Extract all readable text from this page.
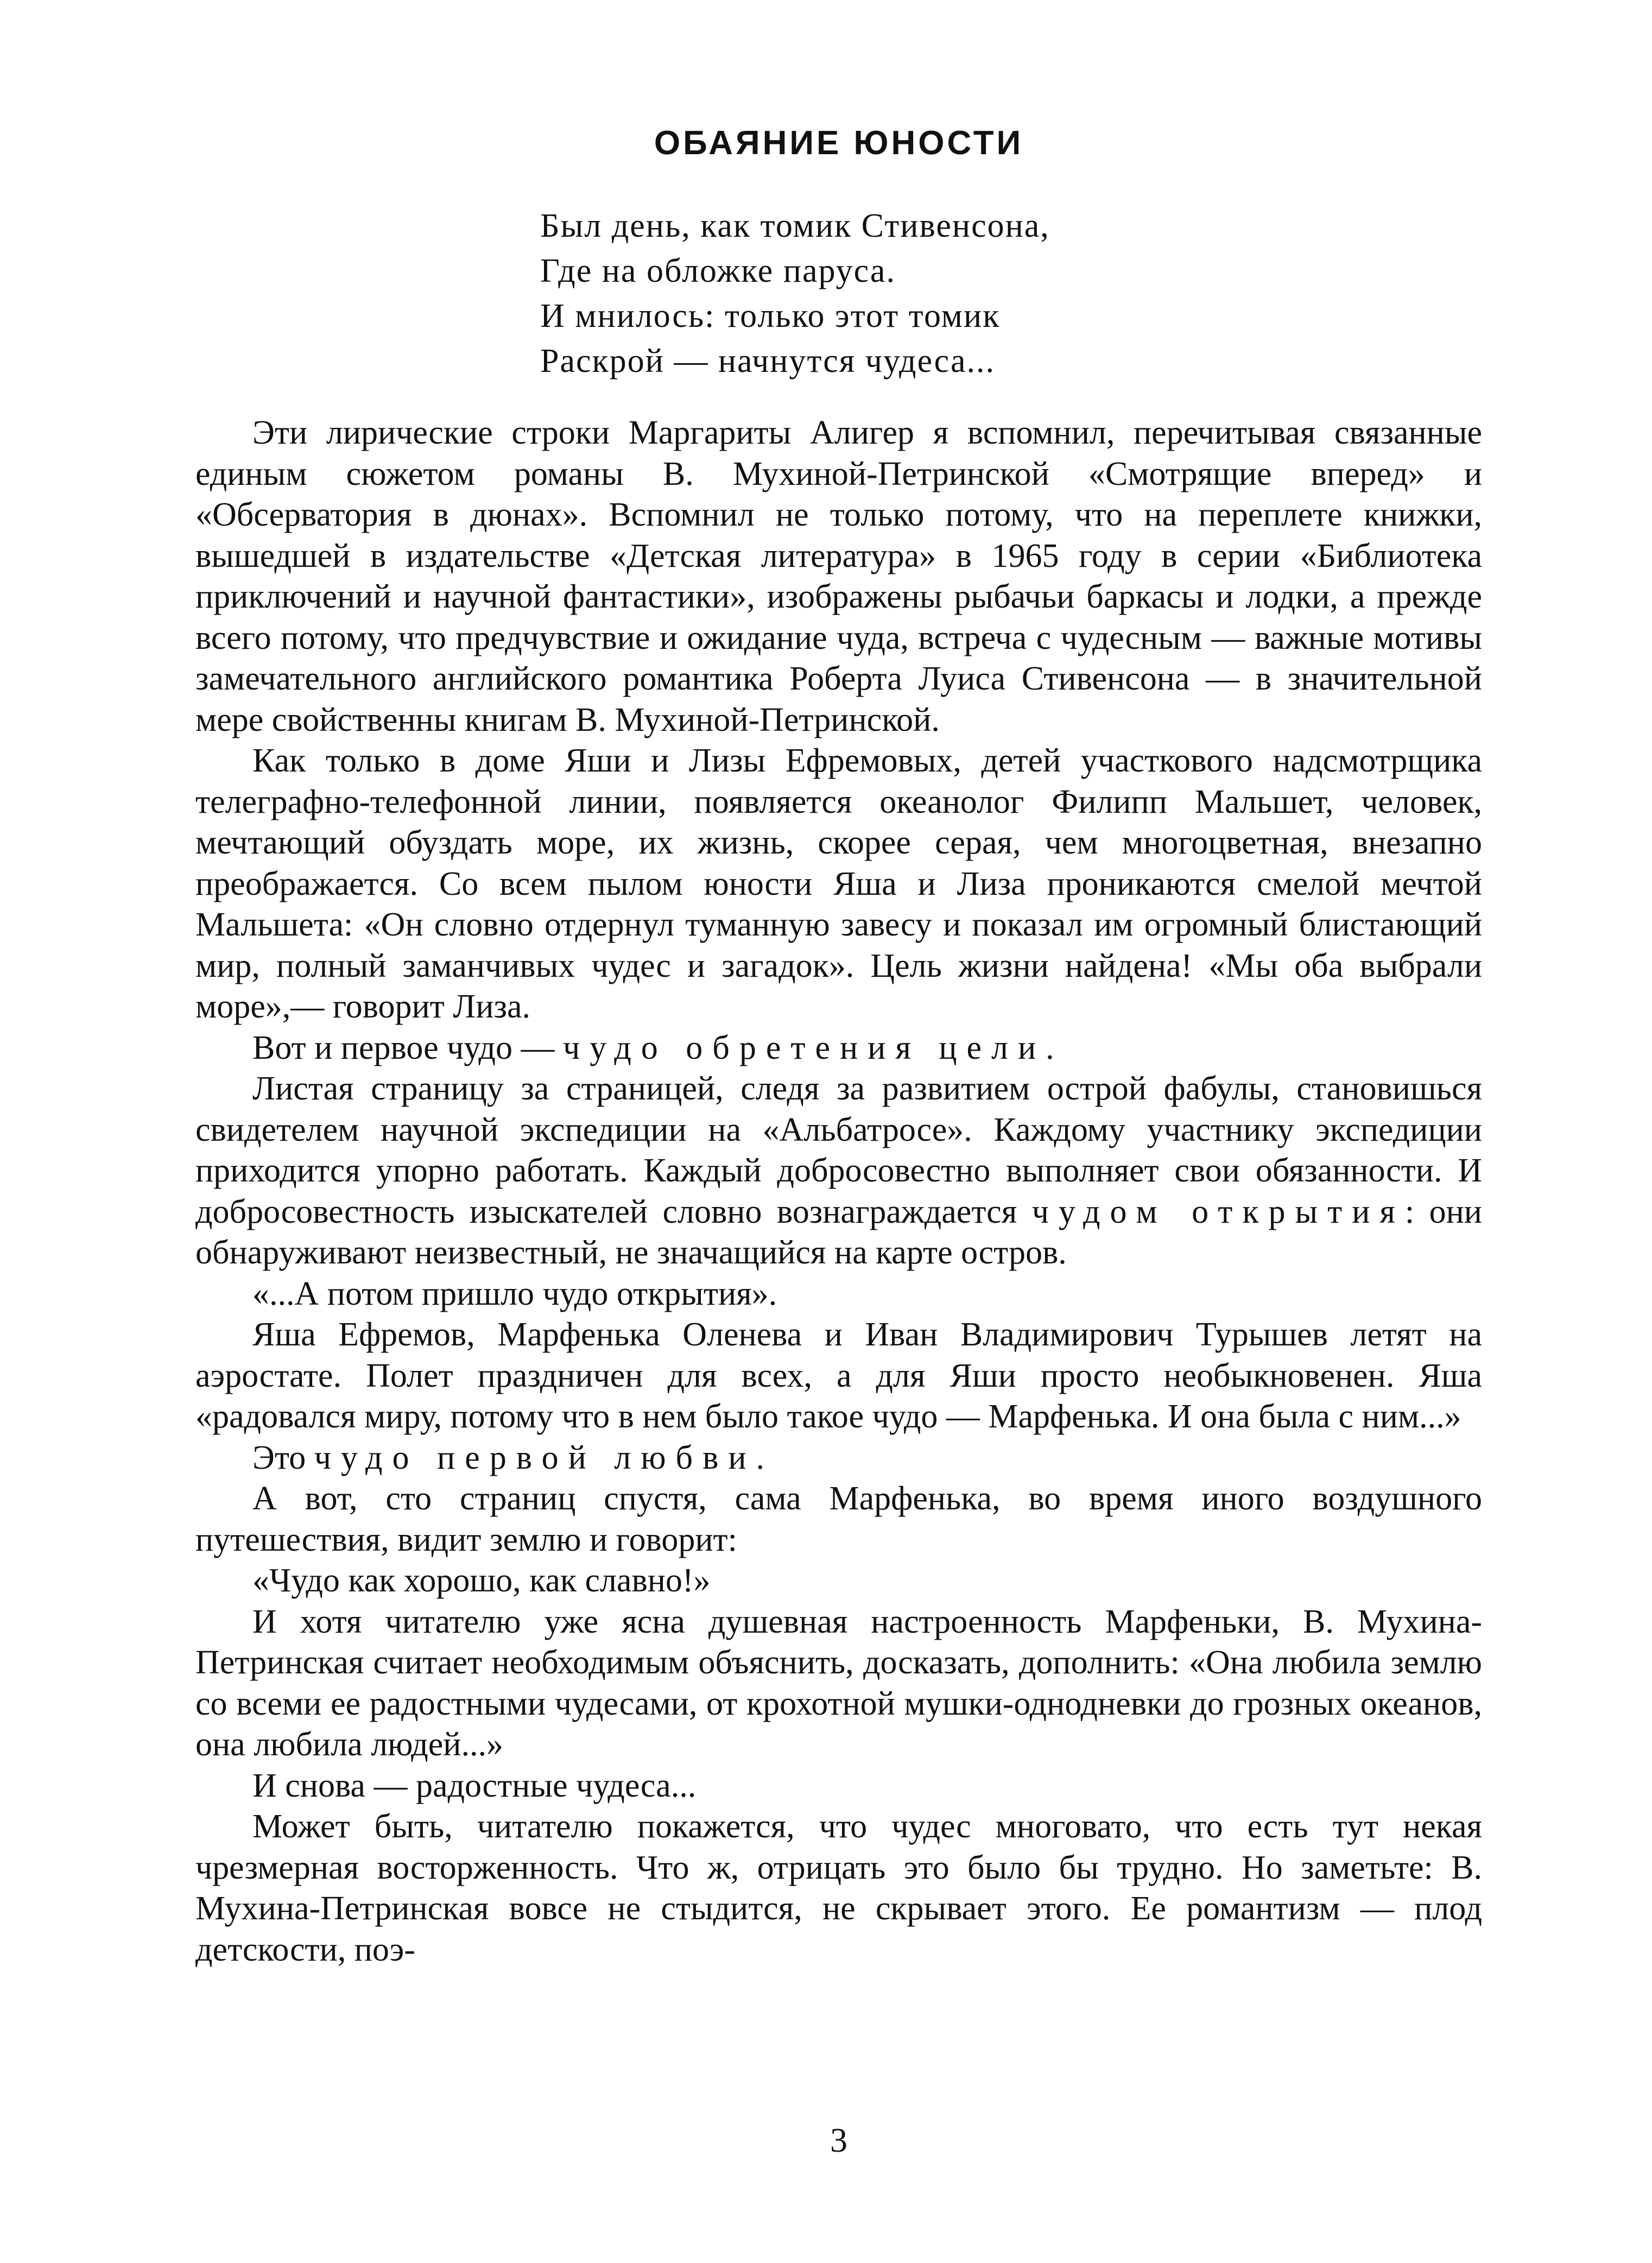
ОБАЯНИЕ ЮНОСТИ
Был день, как томик Стивенсона,
Где на обложке паруса.
И мнилось: только этот томик
Раскрой — начнутся чудеса...

Эти лирические строки Маргариты Алигер я вспомнил, перечитывая связанные единым сюжетом романы В. Мухиной-Петринской «Смотрящие вперед» и «Обсерватория в дюнах». Вспомнил не только потому, что на переплете книжки, вышедшей в издательстве «Детская литература» в 1965 году в серии «Библиотека приключений и научной фантастики», изображены рыбачьи баркасы и лодки, а прежде всего потому, что предчувствие и ожидание чуда, встреча с чудесным — важные мотивы замечательного английского романтика Роберта Луиса Стивенсона — в значительной мере свойственны книгам В. Мухиной-Петринской.

Как только в доме Яши и Лизы Ефремовых, детей участкового надсмотрщика телеграфно-телефонной линии, появляется океанолог Филипп Мальшет, человек, мечтающий обуздать море, их жизнь, скорее серая, чем многоцветная, внезапно преображается. Со всем пылом юности Яша и Лиза проникаются смелой мечтой Мальшета: «Он словно отдернул туманную завесу и показал им огромный блистающий мир, полный заманчивых чудес и загадок». Цель жизни найдена! «Мы оба выбрали море»,— говорит Лиза.

Вот и первое чудо — чудо обретения цели.

Листая страницу за страницей, следя за развитием острой фабулы, становишься свидетелем научной экспедиции на «Альбатросе». Каждому участнику экспедиции приходится упорно работать. Каждый добросовестно выполняет свои обязанности. И добросовестность изыскателей словно вознаграждается чудом открытия: они обнаруживают неизвестный, не значащийся на карте остров.

«...А потом пришло чудо открытия».

Яша Ефремов, Марфенька Оленева и Иван Владимирович Турышев летят на аэростате. Полет праздничен для всех, а для Яши просто необыкновенен. Яша «радовался миру, потому что в нем было такое чудо — Марфенька. И она была с ним...»

Это чудо первой любви.

А вот, сто страниц спустя, сама Марфенька, во время иного воздушного путешествия, видит землю и говорит:

«Чудо как хорошо, как славно!»

И хотя читателю уже ясна душевная настроенность Марфеньки, В. Мухина-Петринская считает необходимым объяснить, досказать, дополнить: «Она любила землю со всеми ее радостными чудесами, от крохотной мушки-однодневки до грозных океанов, она любила людей...»

И снова — радостные чудеса...

Может быть, читателю покажется, что чудес многовато, что есть тут некая чрезмерная восторженность. Что ж, отрицать это было бы трудно. Но заметьте: В. Мухина-Петринская вовсе не стыдится, не скрывает этого. Ее романтизм — плод детскости, поэ-

3
